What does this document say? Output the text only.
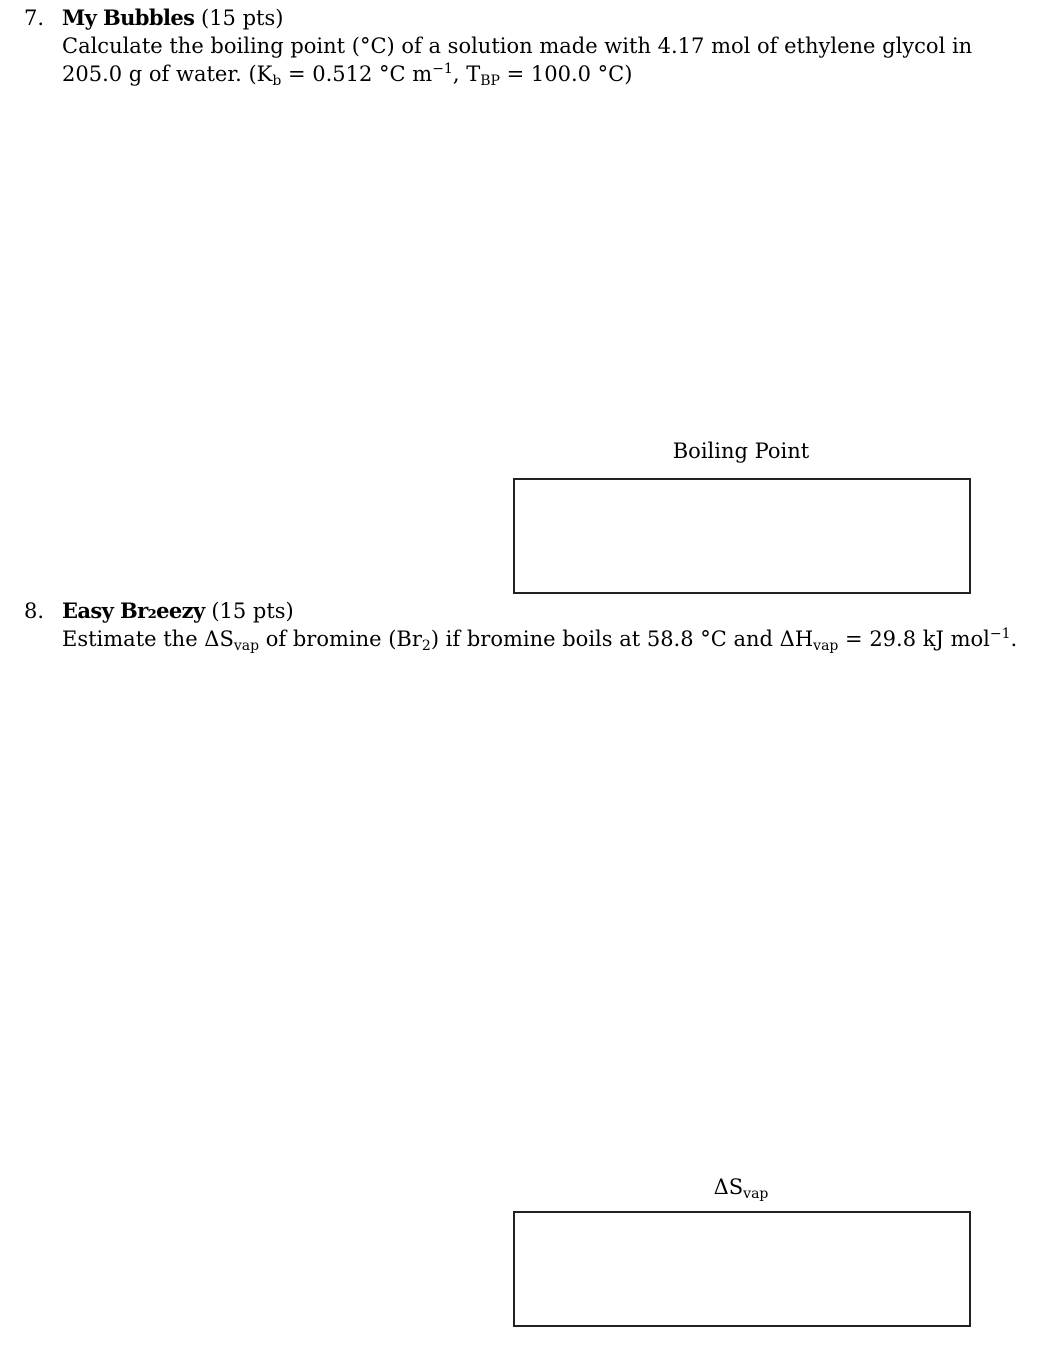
7. My Bubbles (15 pts)
Calculate the boiling point (°C) of a solution made with 4.17 mol of ethylene glycol in
205.0 g of water. ($K_b = 0.512$ °C $m^{-1}$, $T_{BP} = 100.0$ °C)
Boiling Point
8. Easy Br₂eezy (15 pts)
Estimate the $\Delta S_{vap}$ of bromine $(Br_2)$ if bromine boils at 58.8 °C and $\Delta H_{vap} = 29.8$ kJ mol$^{-1}$.
$\Delta S_{vap}$
